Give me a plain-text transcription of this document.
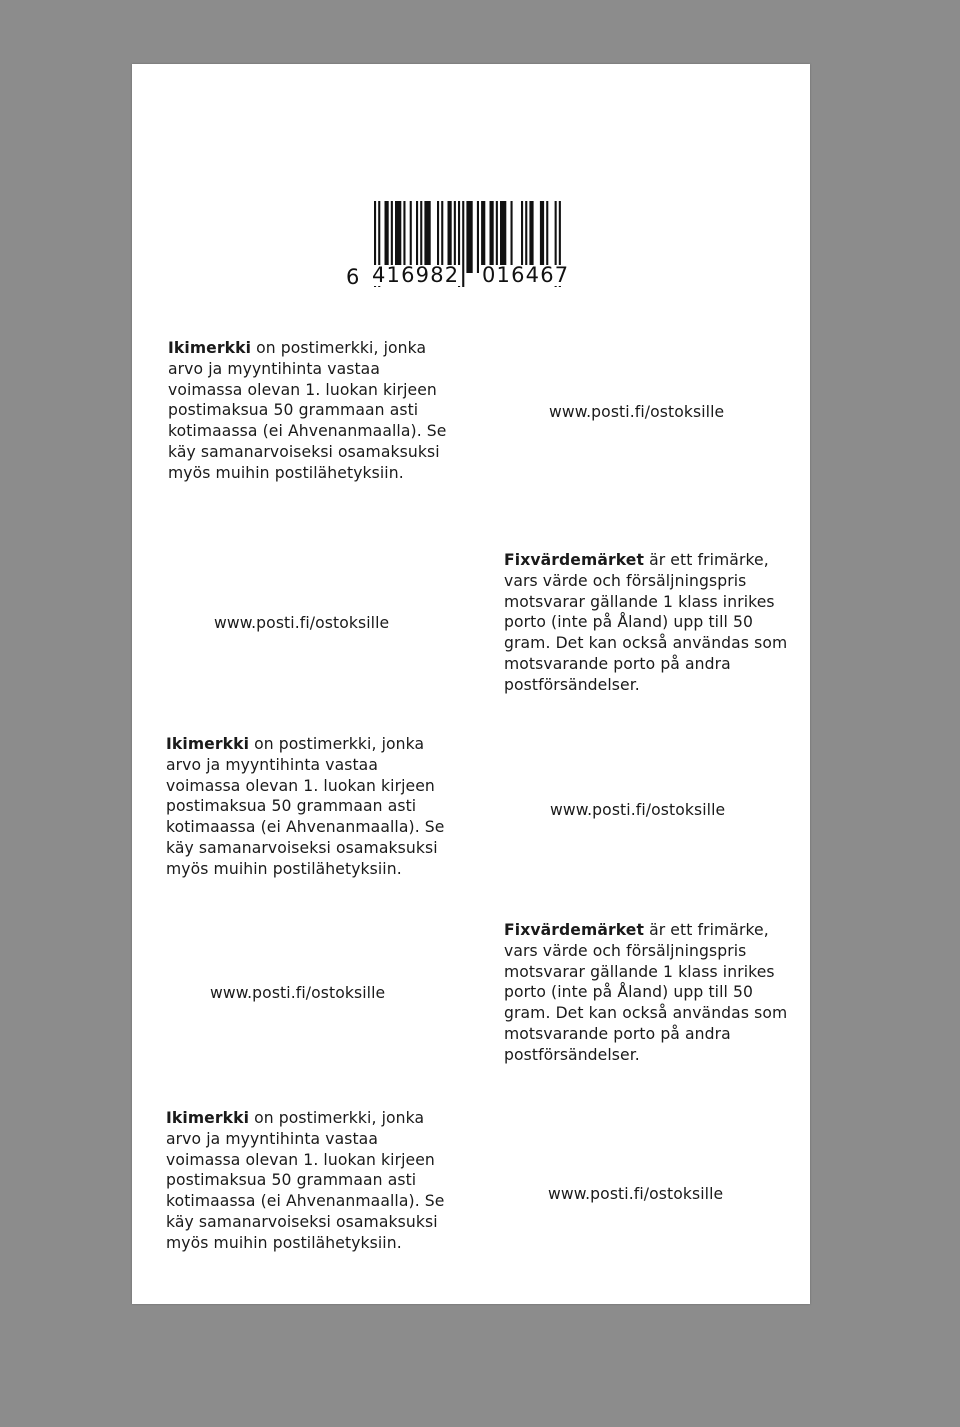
6 416982 016467
Ikimerkki on postimerkki, jonka
arvo ja myyntihinta vastaa
voimassa olevan 1. luokan kirjeen
postimaksua 50 grammaan asti
kotimaassa (ei Ahvenanmaalla). Se
käy samanarvoiseksi osamaksuksi
myös muihin postilähetyksiin.
www.posti.fi/ostoksille
www.posti.fi/ostoksille
Fixvärdemärket är ett frimärke,
vars värde och försäljningspris
motsvarar gällande 1 klass inrikes
porto (inte på Åland) upp till 50
gram. Det kan också användas som
motsvarande porto på andra
postförsändelser.
Ikimerkki on postimerkki, jonka
arvo ja myyntihinta vastaa
voimassa olevan 1. luokan kirjeen
postimaksua 50 grammaan asti
kotimaassa (ei Ahvenanmaalla). Se
käy samanarvoiseksi osamaksuksi
myös muihin postilähetyksiin.
www.posti.fi/ostoksille
www.posti.fi/ostoksille
Fixvärdemärket är ett frimärke,
vars värde och försäljningspris
motsvarar gällande 1 klass inrikes
porto (inte på Åland) upp till 50
gram. Det kan också användas som
motsvarande porto på andra
postförsändelser.
Ikimerkki on postimerkki, jonka
arvo ja myyntihinta vastaa
voimassa olevan 1. luokan kirjeen
postimaksua 50 grammaan asti
kotimaassa (ei Ahvenanmaalla). Se
käy samanarvoiseksi osamaksuksi
myös muihin postilähetyksiin.
www.posti.fi/ostoksille
